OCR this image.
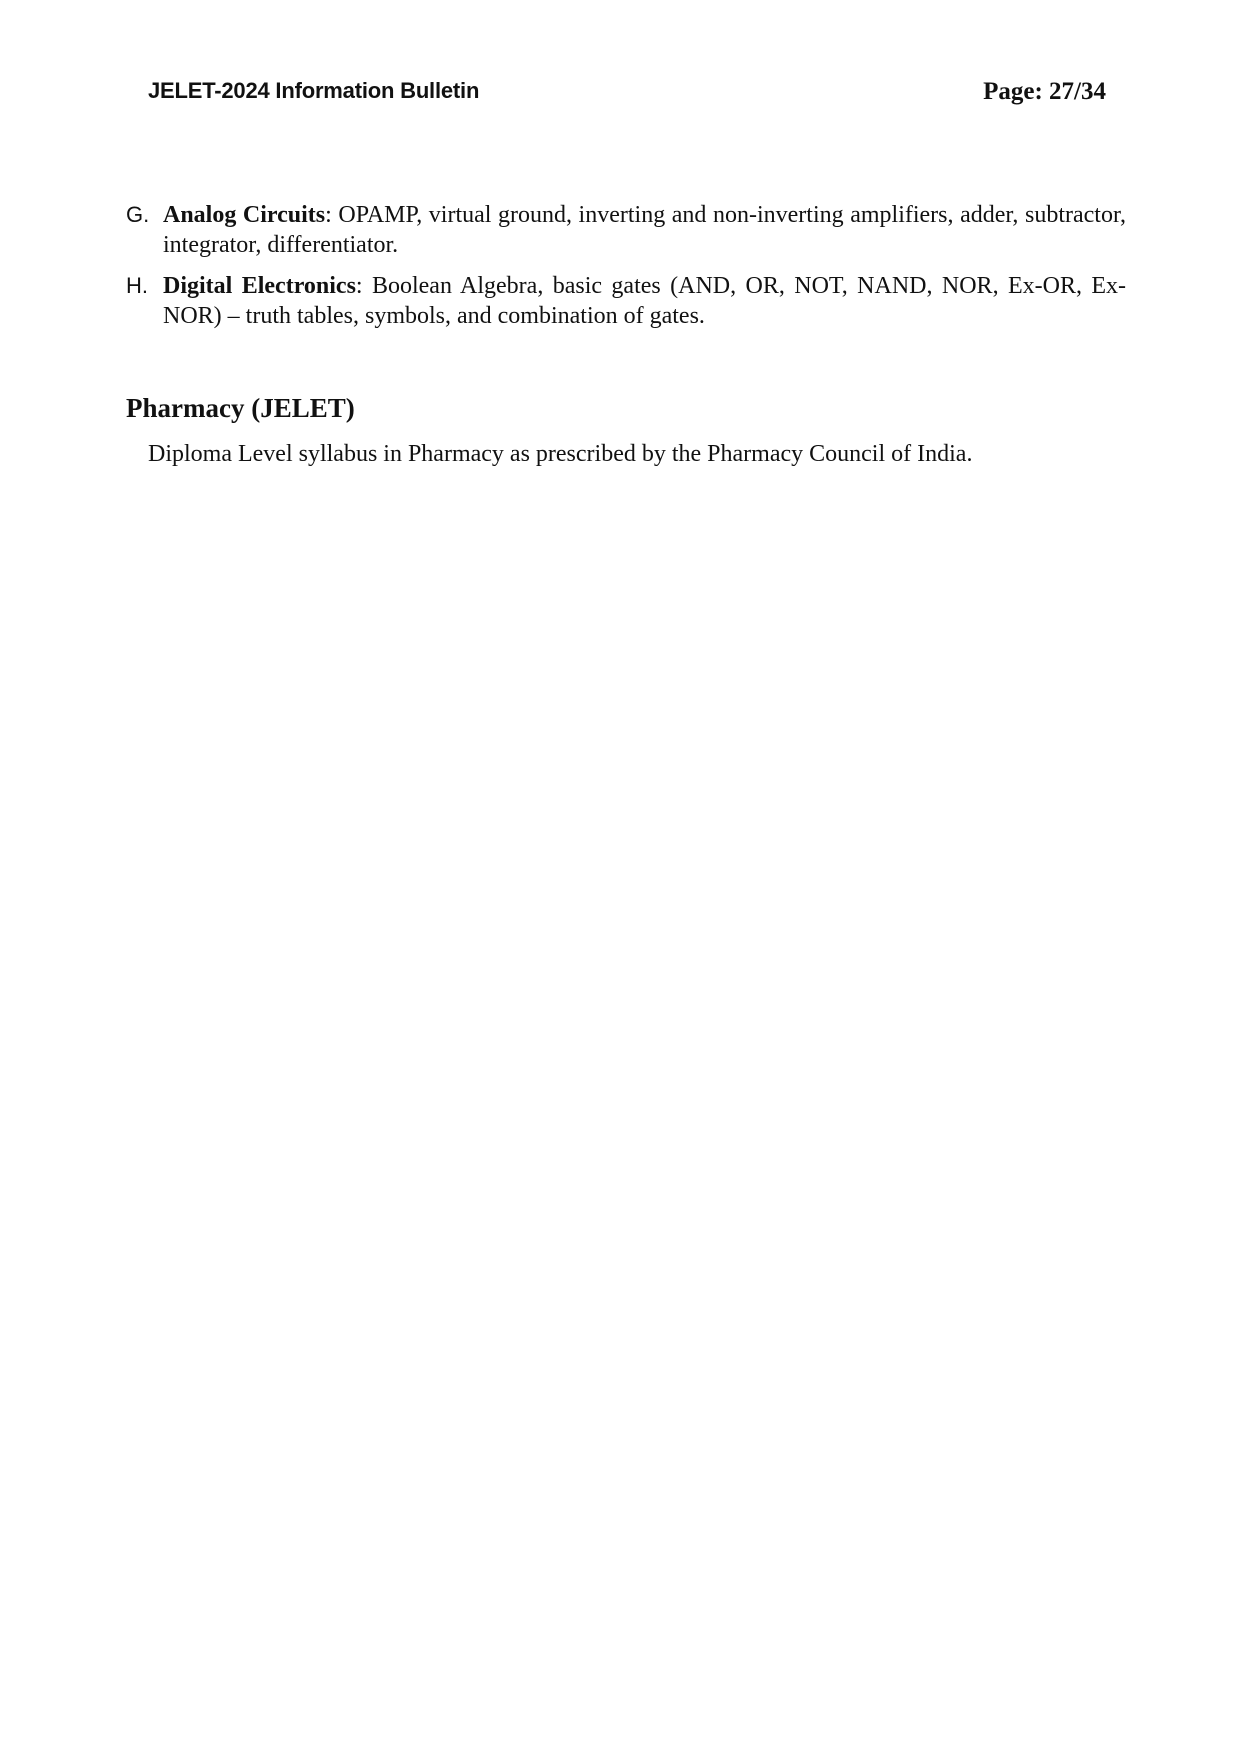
JELET-2024 Information Bulletin	Page: 27/34
G. Analog Circuits: OPAMP, virtual ground, inverting and non-inverting amplifiers, adder, subtractor, integrator, differentiator.
H. Digital Electronics: Boolean Algebra, basic gates (AND, OR, NOT, NAND, NOR, Ex-OR, Ex-NOR) – truth tables, symbols, and combination of gates.
Pharmacy (JELET)

Diploma Level syllabus in Pharmacy as prescribed by the Pharmacy Council of India.
